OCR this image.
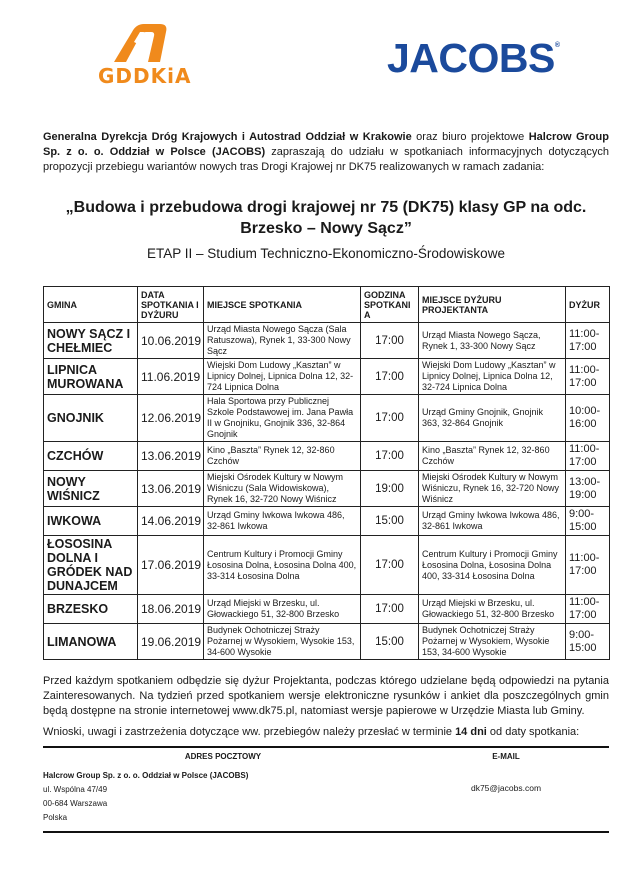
GDDKiA	JACOBS®

Generalna Dyrekcja Dróg Krajowych i Autostrad Oddział w Krakowie oraz biuro projektowe Halcrow Group Sp. z o. o. Oddział w Polsce (JACOBS) zapraszają do udziału w spotkaniach informacyjnych dotyczących propozycji przebiegu wariantów nowych tras Drogi Krajowej nr DK75 realizowanych w ramach zadania:

„Budowa i przebudowa drogi krajowej nr 75 (DK75) klasy GP na odc. Brzesko – Nowy Sącz”
ETAP II – Studium Techniczno-Ekonomiczno-Środowiskowe
GMINA	DATA SPOTKANIA I DYŻURU	MIEJSCE SPOTKANIA	GODZINA SPOTKANIA	MIEJSCE DYŻURU PROJEKTANTA	DYŻUR
NOWY SĄCZ I CHEŁMIEC	10.06.2019	Urząd Miasta Nowego Sącza (Sala Ratuszowa), Rynek 1, 33-300 Nowy Sącz	17:00	Urząd Miasta Nowego Sącza, Rynek 1, 33-300 Nowy Sącz	11:00-17:00
LIPNICA MUROWANA	11.06.2019	Wiejski Dom Ludowy „Kasztan” w Lipnicy Dolnej, Lipnica Dolna 12, 32-724 Lipnica Dolna	17:00	Wiejski Dom Ludowy „Kasztan” w Lipnicy Dolnej, Lipnica Dolna 12, 32-724 Lipnica Dolna	11:00-17:00
GNOJNIK	12.06.2019	Hala Sportowa przy Publicznej Szkole Podstawowej im. Jana Pawła II w Gnojniku, Gnojnik 336, 32-864 Gnojnik	17:00	Urząd Gminy Gnojnik, Gnojnik 363, 32-864 Gnojnik	10:00-16:00
CZCHÓW	13.06.2019	Kino „Baszta” Rynek 12, 32-860 Czchów	17:00	Kino „Baszta” Rynek 12, 32-860 Czchów	11:00-17:00
NOWY WIŚNICZ	13.06.2019	Miejski Ośrodek Kultury w Nowym Wiśniczu (Sala Widowiskowa), Rynek 16, 32-720 Nowy Wiśnicz	19:00	Miejski Ośrodek Kultury w Nowym Wiśniczu, Rynek 16, 32-720 Nowy Wiśnicz	13:00-19:00
IWKOWA	14.06.2019	Urząd Gminy Iwkowa Iwkowa 486, 32-861 Iwkowa	15:00	Urząd Gminy Iwkowa Iwkowa 486, 32-861 Iwkowa	9:00-15:00
ŁOSOSINA DOLNA I GRÓDEK NAD DUNAJCEM	17.06.2019	Centrum Kultury i Promocji Gminy Łososina Dolna, Łososina Dolna 400, 33-314 Łososina Dolna	17:00	Centrum Kultury i Promocji Gminy Łososina Dolna, Łososina Dolna 400, 33-314 Łososina Dolna	11:00-17:00
BRZESKO	18.06.2019	Urząd Miejski w Brzesku, ul. Głowackiego 51, 32-800 Brzesko	17:00	Urząd Miejski w Brzesku, ul. Głowackiego 51, 32-800 Brzesko	11:00-17:00
LIMANOWA	19.06.2019	Budynek Ochotniczej Straży Pożarnej w Wysokiem, Wysokie 153, 34-600 Wysokie	15:00	Budynek Ochotniczej Straży Pożarnej w Wysokiem, Wysokie 153, 34-600 Wysokie	9:00-15:00
Przed każdym spotkaniem odbędzie się dyżur Projektanta, podczas którego udzielane będą odpowiedzi na pytania Zainteresowanych. Na tydzień przed spotkaniem wersje elektroniczne rysunków i ankiet dla poszczególnych gmin będą dostępne na stronie internetowej www.dk75.pl, natomiast wersje papierowe w Urzędzie Miasta lub Gminy.
Wnioski, uwagi i zastrzeżenia dotyczące ww. przebiegów należy przesłać w terminie 14 dni od daty spotkania:
ADRES POCZTOWY
Halcrow Group Sp. z o. o. Oddział w Polsce (JACOBS)
ul. Wspólna 47/49
00-684 Warszawa
Polska
E-MAIL
dk75@jacobs.com
